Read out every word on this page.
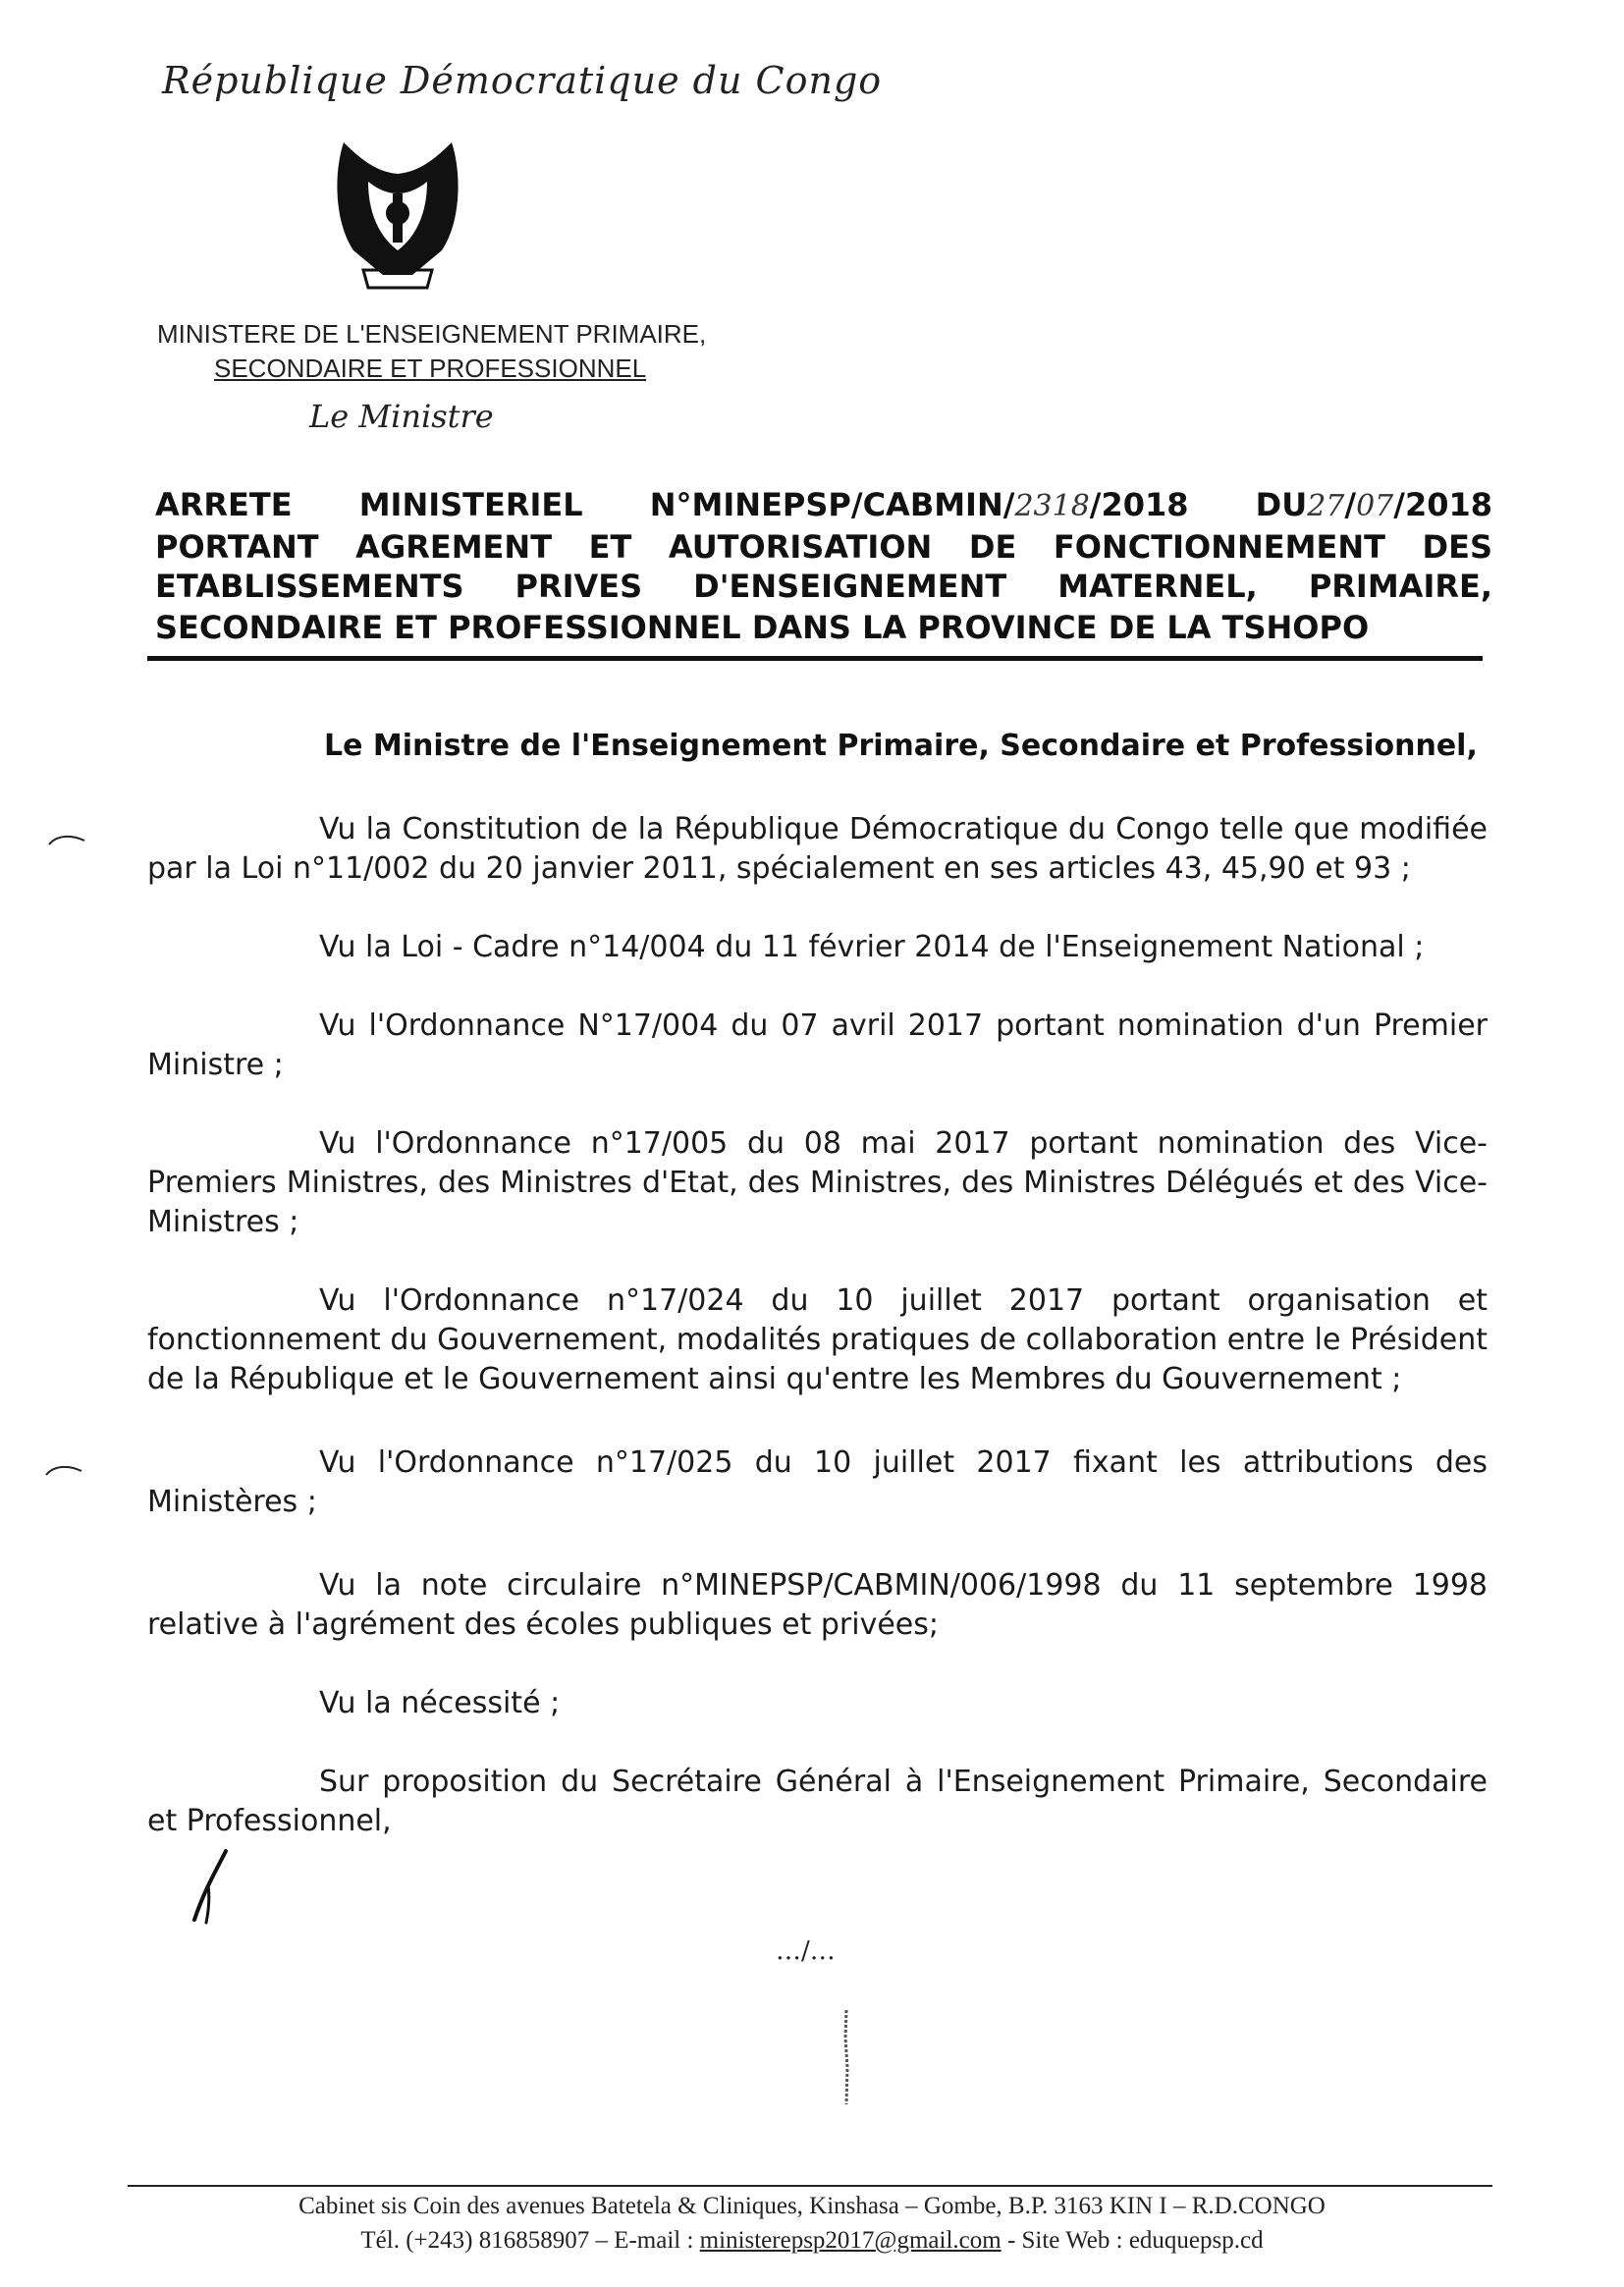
République Démocratique du Congo
MINISTERE DE L'ENSEIGNEMENT PRIMAIRE,
SECONDAIRE ET PROFESSIONNEL
Le Ministre
ARRETE MINISTERIEL N°MINEPSP/CABMIN/2318/2018 DU27/07/2018
PORTANT AGREMENT ET AUTORISATION DE FONCTIONNEMENT DES
ETABLISSEMENTS PRIVES D'ENSEIGNEMENT MATERNEL, PRIMAIRE,
SECONDAIRE ET PROFESSIONNEL DANS LA PROVINCE DE LA TSHOPO
Le Ministre de l'Enseignement Primaire, Secondaire et Professionnel,
Vu la Constitution de la République Démocratique du Congo telle que modifiée par la Loi n°11/002 du 20 janvier 2011, spécialement en ses articles 43, 45,90 et 93 ;
Vu la Loi - Cadre n°14/004 du 11 février 2014 de l'Enseignement National ;
Vu l'Ordonnance N°17/004 du 07 avril 2017 portant nomination d'un Premier Ministre ;
Vu l'Ordonnance n°17/005 du 08 mai 2017 portant nomination des Vice-Premiers Ministres, des Ministres d'Etat, des Ministres, des Ministres Délégués et des Vice-Ministres ;
Vu l'Ordonnance n°17/024 du 10 juillet 2017 portant organisation et fonctionnement du Gouvernement, modalités pratiques de collaboration entre le Président de la République et le Gouvernement ainsi qu'entre les Membres du Gouvernement ;
Vu l'Ordonnance n°17/025 du 10 juillet 2017 fixant les attributions des Ministères ;
Vu la note circulaire n°MINEPSP/CABMIN/006/1998 du 11 septembre 1998 relative à l'agrément des écoles publiques et privées;
Vu la nécessité ;
Sur proposition du Secrétaire Général à l'Enseignement Primaire, Secondaire et Professionnel,
…/…
Cabinet sis Coin des avenues Batetela & Cliniques, Kinshasa – Gombe, B.P. 3163 KIN I – R.D.CONGO
Tél. (+243) 816858907 – E-mail : ministerepsp2017@gmail.com - Site Web : eduquepsp.cd
